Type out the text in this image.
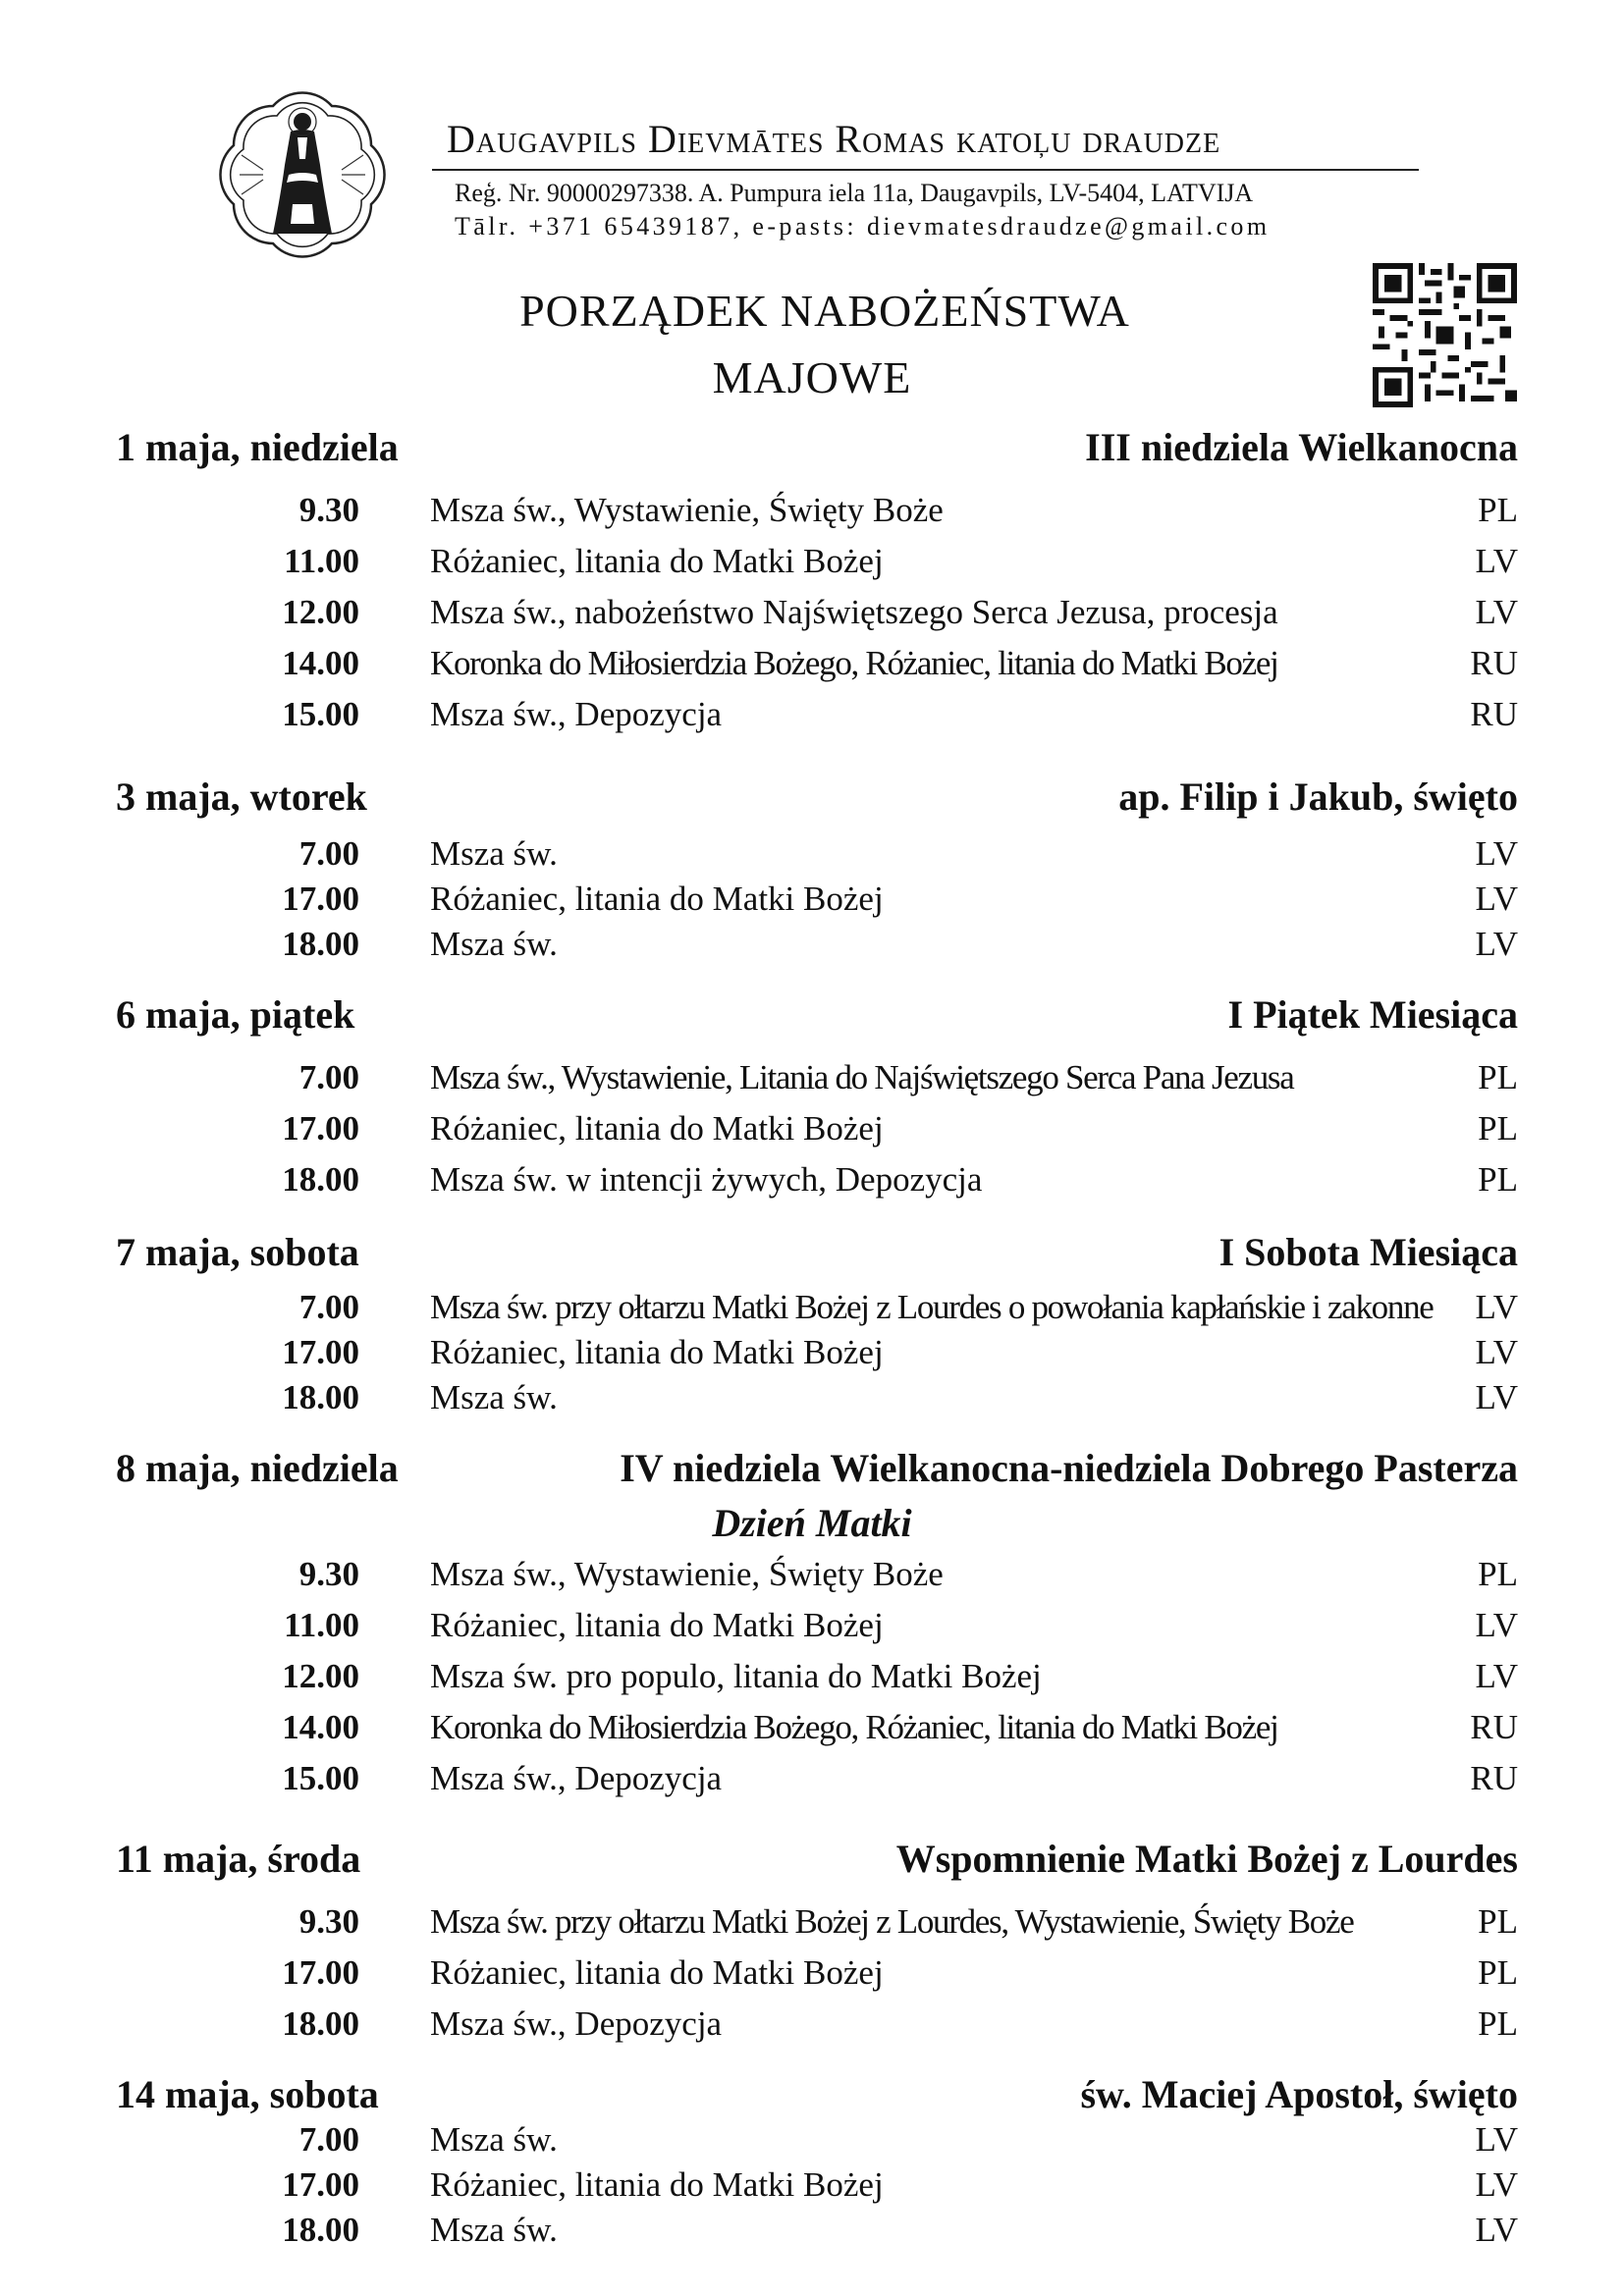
Daugavpils Dievmātes Romas katoļu draudze
Reģ. Nr. 90000297338. A. Pumpura iela 11a, Daugavpils, LV-5404, LATVIJA
Tālr. +371 65439187, e-pasts: dievmatesdraudze@gmail.com
PORZĄDEK NABOŻEŃSTWA
MAJOWE
1 maja, niedziela	III niedziela Wielkanocna
9.30 Msza św., Wystawienie, Święty Boże	PL
11.00 Różaniec, litania do Matki Bożej	LV
12.00 Msza św., nabożeństwo Najświętszego Serca Jezusa, procesja	LV
14.00 Koronka do Miłosierdzia Bożego, Różaniec, litania do Matki Bożej	RU
15.00 Msza św., Depozycja	RU
3 maja, wtorek	ap. Filip i Jakub, święto
7.00 Msza św.	LV
17.00 Różaniec, litania do Matki Bożej	LV
18.00 Msza św.	LV
6 maja, piątek	I Piątek Miesiąca
7.00 Msza św., Wystawienie, Litania do Najświętszego Serca Pana Jezusa	PL
17.00 Różaniec, litania do Matki Bożej	PL
18.00 Msza św. w intencji żywych, Depozycja	PL
7 maja, sobota	I Sobota Miesiąca
7.00 Msza św. przy ołtarzu Matki Bożej z Lourdes o powołania kapłańskie i zakonne LV
17.00 Różaniec, litania do Matki Bożej	LV
18.00 Msza św.	LV
8 maja, niedziela	IV niedziela Wielkanocna-niedziela Dobrego Pasterza
Dzień Matki
9.30 Msza św., Wystawienie, Święty Boże	PL
11.00 Różaniec, litania do Matki Bożej	LV
12.00 Msza św. pro populo, litania do Matki Bożej	LV
14.00 Koronka do Miłosierdzia Bożego, Różaniec, litania do Matki Bożej	RU
15.00 Msza św., Depozycja	RU
11 maja, środa	Wspomnienie Matki Bożej z Lourdes
9.30 Msza św. przy ołtarzu Matki Bożej z Lourdes, Wystawienie, Święty Boże	PL
17.00 Różaniec, litania do Matki Bożej	PL
18.00 Msza św., Depozycja	PL
14 maja, sobota	św. Maciej Apostoł, święto
7.00 Msza św.	LV
17.00 Różaniec, litania do Matki Bożej	LV
18.00 Msza św.	LV
